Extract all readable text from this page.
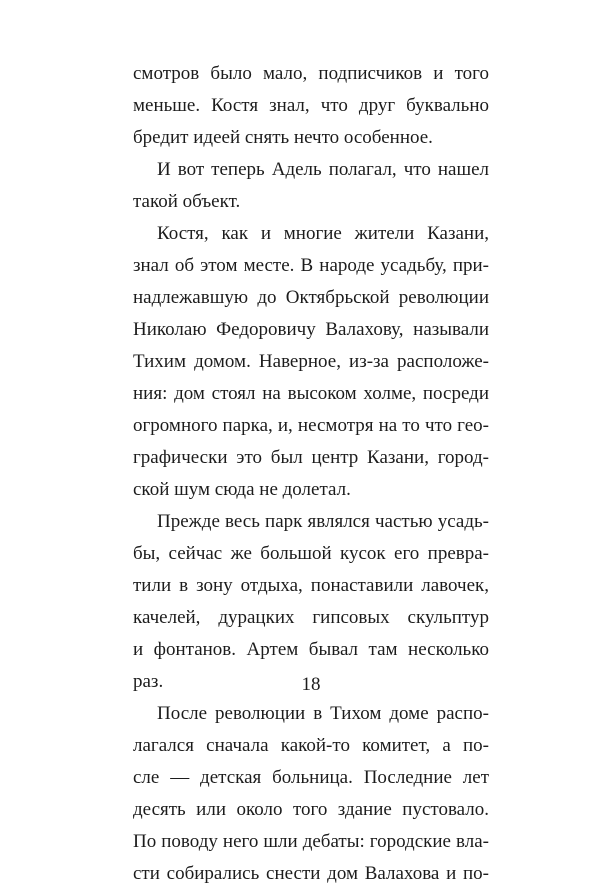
смотров было мало, подписчиков и того
меньше. Костя знал, что друг буквально
бредит идеей снять нечто особенное.
И вот теперь Адель полагал, что нашел
такой объект.
Костя, как и многие жители Казани,
знал об этом месте. В народе усадьбу, при-
надлежавшую до Октябрьской революции
Николаю Федоровичу Валахову, называли
Тихим домом. Наверное, из-за расположе-
ния: дом стоял на высоком холме, посреди
огромного парка, и, несмотря на то что гео-
графически это был центр Казани, город-
ской шум сюда не долетал.
Прежде весь парк являлся частью усадь-
бы, сейчас же большой кусок его превра-
тили в зону отдыха, понаставили лавочек,
качелей, дурацких гипсовых скульптур
и фонтанов. Артем бывал там несколько
раз.
После революции в Тихом доме распо-
лагался сначала какой-то комитет, а по-
сле — детская больница. Последние лет
десять или около того здание пустовало.
По поводу него шли дебаты: городские вла-
сти собирались снести дом Валахова и по-
18
